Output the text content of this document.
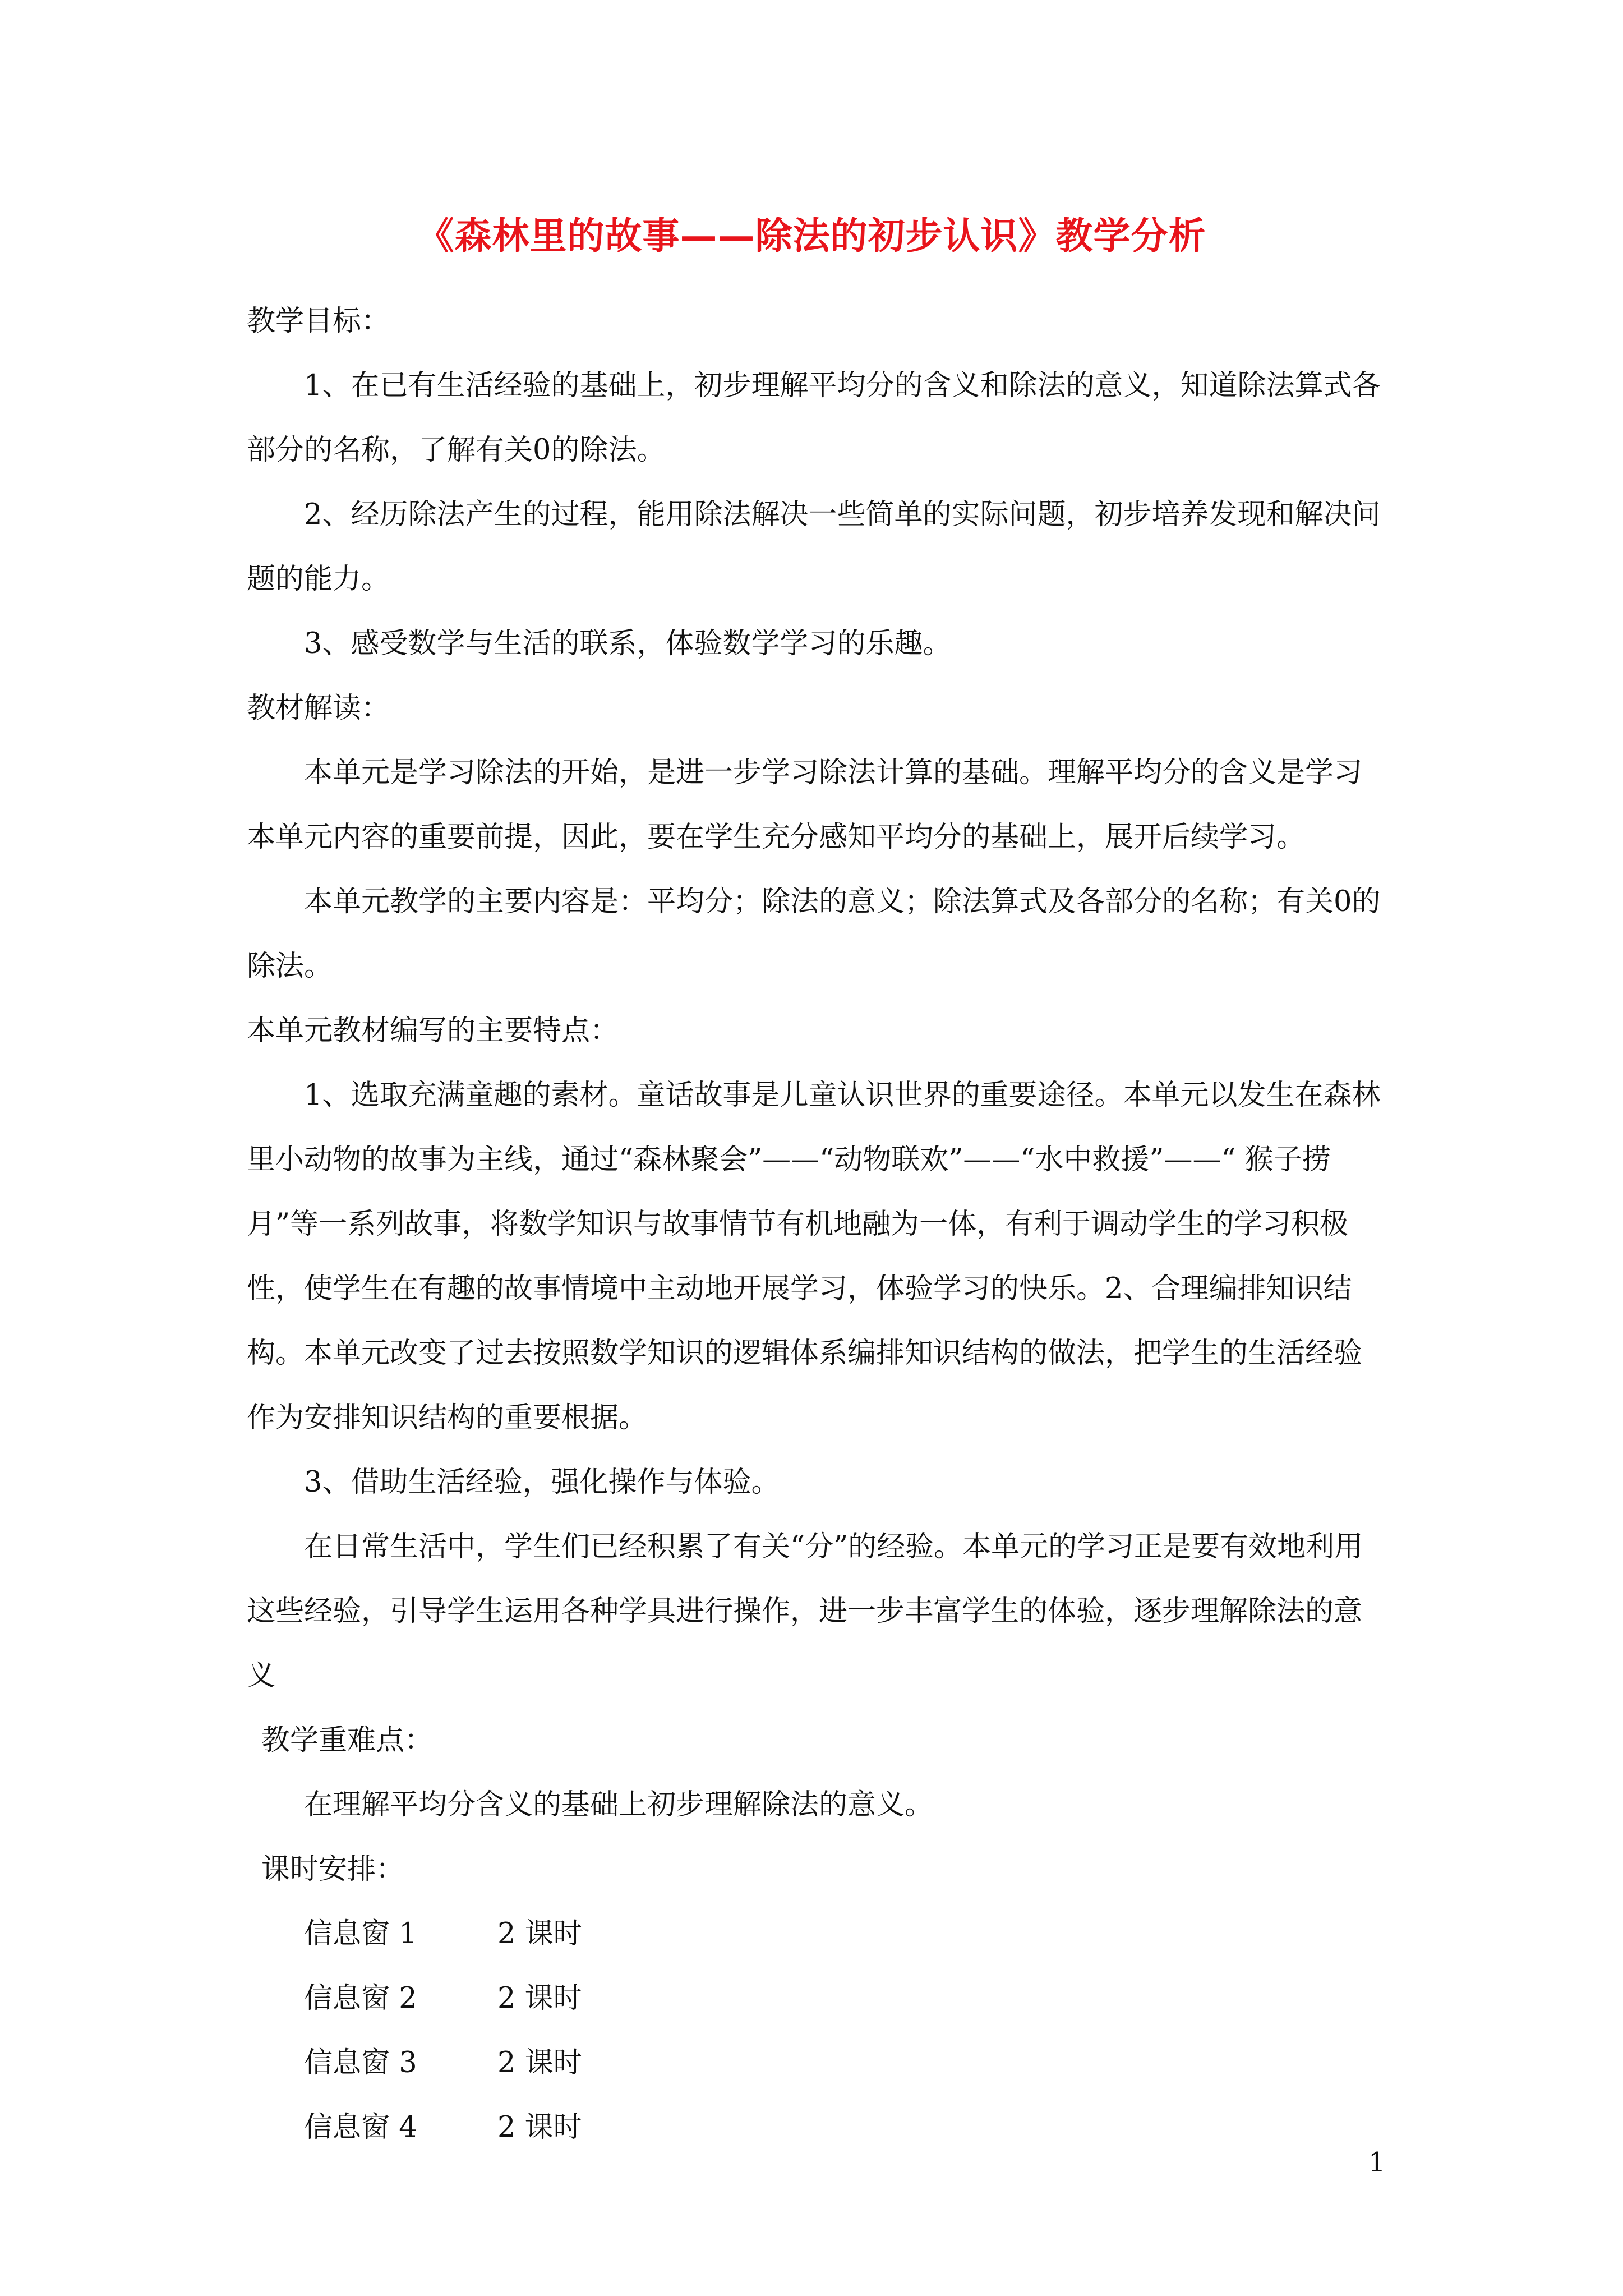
《森林里的故事——除法的初步认识》教学分析

教学目标：

1、在已有生活经验的基础上，初步理解平均分的含义和除法的意义，知道除法算式各部分的名称，了解有关0的除法。

2、经历除法产生的过程，能用除法解决一些简单的实际问题，初步培养发现和解决问题的能力。

3、感受数学与生活的联系，体验数学学习的乐趣。

教材解读：

本单元是学习除法的开始，是进一步学习除法计算的基础。理解平均分的含义是学习本单元内容的重要前提，因此，要在学生充分感知平均分的基础上，展开后续学习。

本单元教学的主要内容是：平均分；除法的意义；除法算式及各部分的名称；有关0的除法。

本单元教材编写的主要特点：

1、选取充满童趣的素材。童话故事是儿童认识世界的重要途径。本单元以发生在森林里小动物的故事为主线，通过“森林聚会”——“动物联欢”——“水中救援”——“ 猴子捞月”等一系列故事，将数学知识与故事情节有机地融为一体，有利于调动学生的学习积极性，使学生在有趣的故事情境中主动地开展学习，体验学习的快乐。2、合理编排知识结构。本单元改变了过去按照数学知识的逻辑体系编排知识结构的做法，把学生的生活经验作为安排知识结构的重要根据。

3、借助生活经验，强化操作与体验。

在日常生活中，学生们已经积累了有关“分”的经验。本单元的学习正是要有效地利用这些经验，引导学生运用各种学具进行操作，进一步丰富学生的体验，逐步理解除法的意义

教学重难点：

在理解平均分含义的基础上初步理解除法的意义。

课时安排：

信息窗 1	2 课时
信息窗 2	2 课时
信息窗 3	2 课时
信息窗 4	2 课时
1
